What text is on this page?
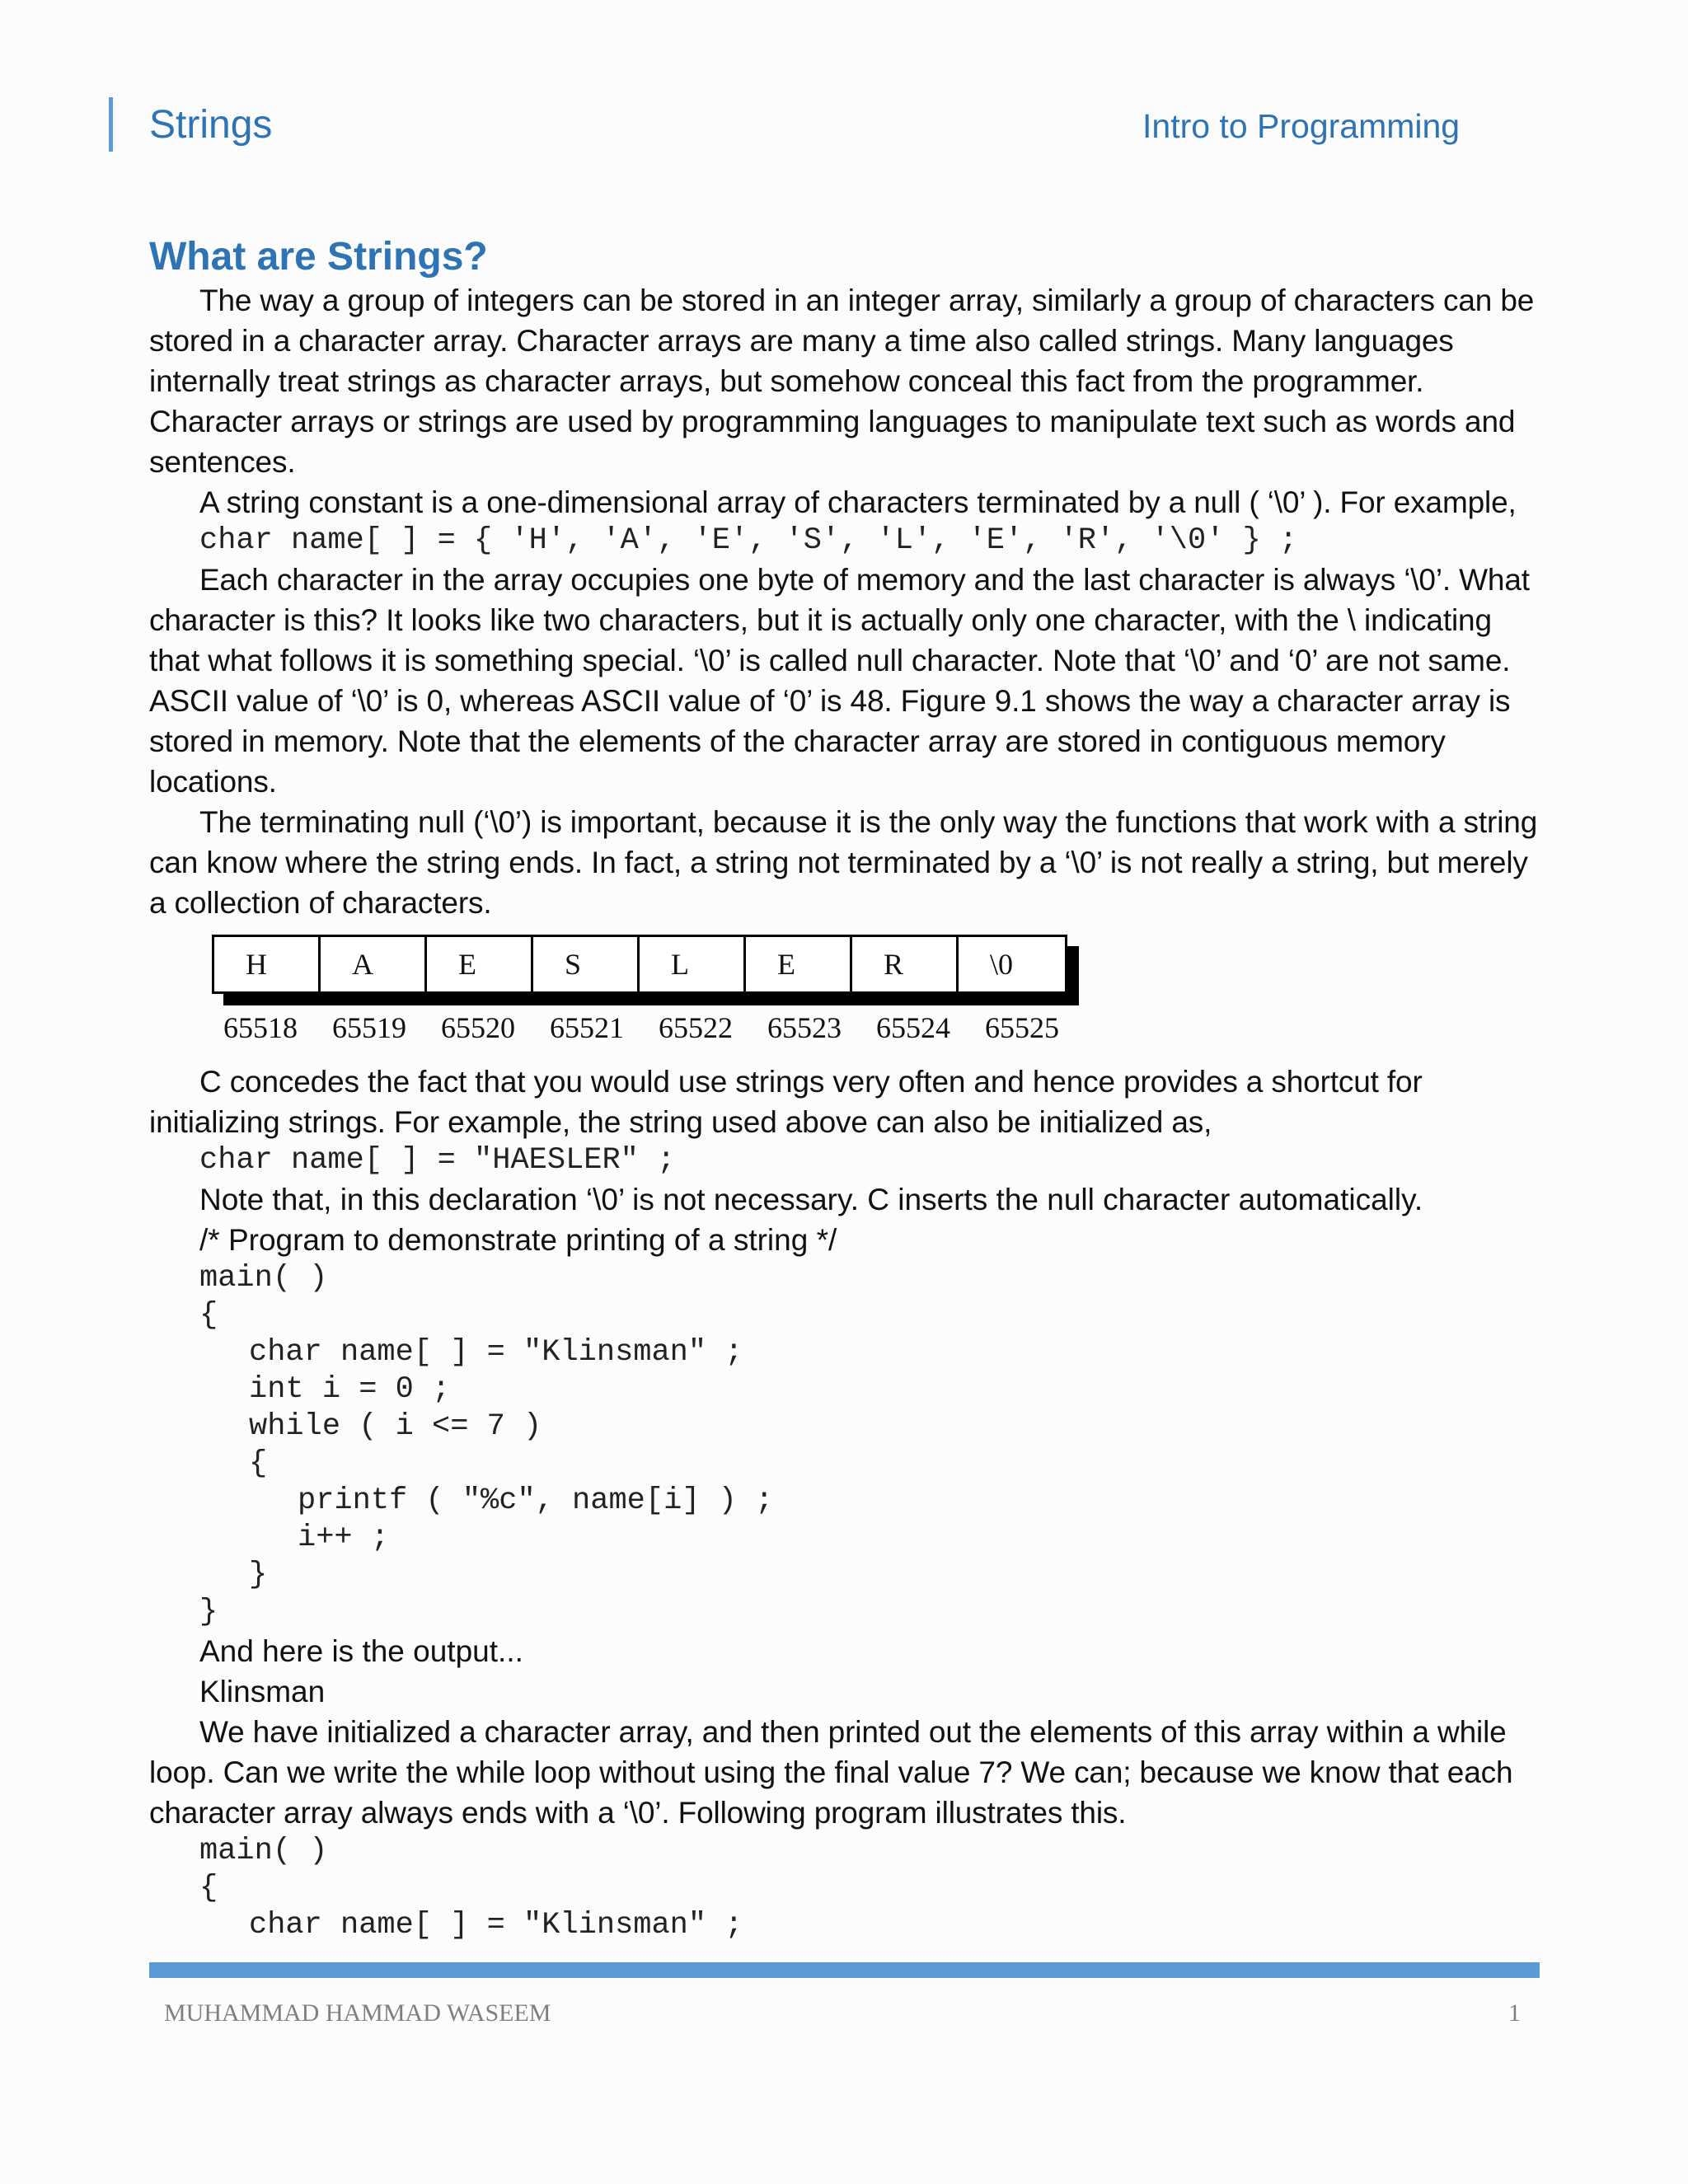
Strings	Intro to Programming
What are Strings?

The way a group of integers can be stored in an integer array, similarly a group of characters can be stored in a character array. Character arrays are many a time also called strings. Many languages internally treat strings as character arrays, but somehow conceal this fact from the programmer. Character arrays or strings are used by programming languages to manipulate text such as words and sentences.

A string constant is a one-dimensional array of characters terminated by a null ( ‘\0’ ). For example,

char name[ ] = { 'H', 'A', 'E', 'S', 'L', 'E', 'R', '\0' } ;

Each character in the array occupies one byte of memory and the last character is always ‘\0’. What character is this? It looks like two characters, but it is actually only one character, with the \ indicating that what follows it is something special. ‘\0’ is called null character. Note that ‘\0’ and ‘0’ are not same. ASCII value of ‘\0’ is 0, whereas ASCII value of ‘0’ is 48. Figure 9.1 shows the way a character array is stored in memory. Note that the elements of the character array are stored in contiguous memory locations.

The terminating null (‘\0’) is important, because it is the only way the functions that work with a string can know where the string ends. In fact, a string not terminated by a ‘\0’ is not really a string, but merely a collection of characters.

H	A	E	S	L	E	R	\0
65518	65519	65520	65521	65522	65523	65524	65525

C concedes the fact that you would use strings very often and hence provides a shortcut for initializing strings. For example, the string used above can also be initialized as,

char name[ ] = "HAESLER" ;

Note that, in this declaration ‘\0’ is not necessary. C inserts the null character automatically.

/* Program to demonstrate printing of a string */

main( )

{

char name[ ] = "Klinsman" ;

int i = 0 ;

while ( i <= 7 )

{

printf ( "%c", name[i] ) ;

i++ ;

}

}

And here is the output...

Klinsman

We have initialized a character array, and then printed out the elements of this array within a while loop. Can we write the while loop without using the final value 7? We can; because we know that each character array always ends with a ‘\0’. Following program illustrates this.

main( )

{

char name[ ] = "Klinsman" ;

MUHAMMAD HAMMAD WASEEM	1
